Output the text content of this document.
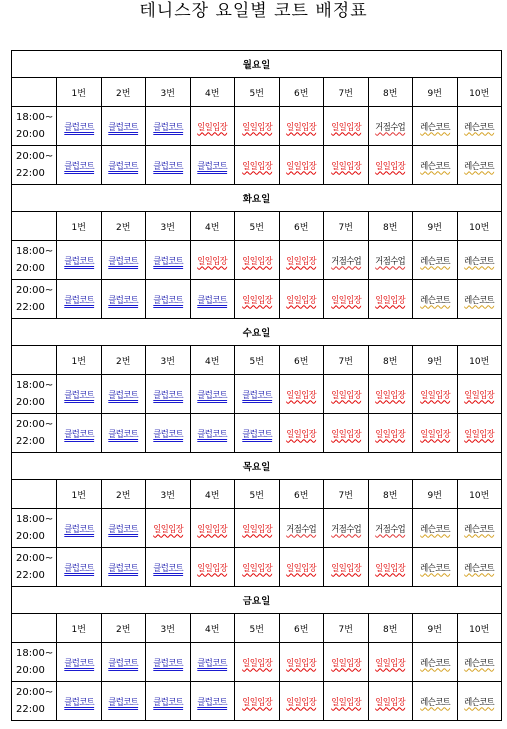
테니스장 요일별 코트 배정표
월요일										
	1번	2번	3번	4번	5번	6번	7번	8번	9번	10번
18:00~
20:00	클럽코트	클럽코트	클럽코트	일일입장	일일입장	일일입장	일일입장	거점수업	레슨코트	레슨코트
20:00~
22:00	클럽코트	클럽코트	클럽코트	클럽코트	일일입장	일일입장	일일입장	일일입장	레슨코트	레슨코트
화요일										
	1번	2번	3번	4번	5번	6번	7번	8번	9번	10번
18:00~
20:00	클럽코트	클럽코트	클럽코트	일일입장	일일입장	일일입장	거점수업	거점수업	레슨코트	레슨코트
20:00~
22:00	클럽코트	클럽코트	클럽코트	클럽코트	일일입장	일일입장	일일입장	일일입장	레슨코트	레슨코트
수요일										
	1번	2번	3번	4번	5번	6번	7번	8번	9번	10번
18:00~
20:00	클럽코트	클럽코트	클럽코트	클럽코트	클럽코트	일일입장	일일입장	일일입장	일일입장	일일입장
20:00~
22:00	클럽코트	클럽코트	클럽코트	클럽코트	클럽코트	일일입장	일일입장	일일입장	일일입장	일일입장
목요일										
	1번	2번	3번	4번	5번	6번	7번	8번	9번	10번
18:00~
20:00	클럽코트	클럽코트	일일입장	일일입장	일일입장	거점수업	거점수업	거점수업	레슨코트	레슨코트
20:00~
22:00	클럽코트	클럽코트	클럽코트	일일입장	일일입장	일일입장	일일입장	일일입장	레슨코트	레슨코트
금요일										
	1번	2번	3번	4번	5번	6번	7번	8번	9번	10번
18:00~
20:00	클럽코트	클럽코트	클럽코트	클럽코트	일일입장	일일입장	일일입장	일일입장	레슨코트	레슨코트
20:00~
22:00	클럽코트	클럽코트	클럽코트	클럽코트	일일입장	일일입장	일일입장	일일입장	레슨코트	레슨코트
